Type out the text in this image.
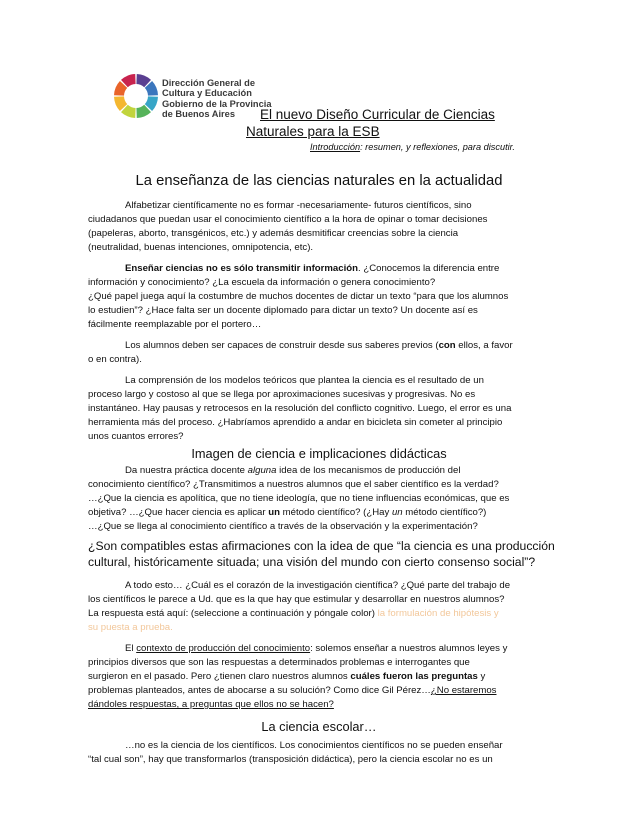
Dirección General de
Cultura y Educación
Gobierno de la Provincia
de Buenos Aires	El nuevo Diseño Curricular de Ciencias
Naturales para la ESB
Introducción: resumen, y reflexiones, para discutir.
La enseñanza de las ciencias naturales en la actualidad
Alfabetizar científicamente no es formar -necesariamente- futuros científicos, sino
ciudadanos que puedan usar el conocimiento científico a la hora de opinar o tomar decisiones
(papeleras, aborto, transgénicos, etc.) y además desmitificar creencias sobre la ciencia
(neutralidad, buenas intenciones, omnipotencia, etc).
Enseñar ciencias no es sólo transmitir información. ¿Conocemos la diferencia entre
información y conocimiento? ¿La escuela da información o genera conocimiento?
¿Qué papel juega aquí la costumbre de muchos docentes de dictar un texto “para que los alumnos
lo estudien”? ¿Hace falta ser un docente diplomado para dictar un texto? Un docente así es
fácilmente reemplazable por el portero…
Los alumnos deben ser capaces de construir desde sus saberes previos (con ellos, a favor
o en contra).
La comprensión de los modelos teóricos que plantea la ciencia es el resultado de un
proceso largo y costoso al que se llega por aproximaciones sucesivas y progresivas. No es
instantáneo. Hay pausas y retrocesos en la resolución del conflicto cognitivo. Luego, el error es una
herramienta más del proceso. ¿Habríamos aprendido a andar en bicicleta sin cometer al principio
unos cuantos errores?
Imagen de ciencia e implicaciones didácticas
Da nuestra práctica docente alguna idea de los mecanismos de producción del
conocimiento científico? ¿Transmitimos a nuestros alumnos que el saber científico es la verdad?
…¿Que la ciencia es apolítica, que no tiene ideología, que no tiene influencias económicas, que es
objetiva? …¿Que hacer ciencia es aplicar un método científico? (¿Hay un método científico?)
…¿Que se llega al conocimiento científico a través de la observación y la experimentación?
¿Son compatibles estas afirmaciones con la idea de que “la ciencia es una producción
cultural, históricamente situada; una visión del mundo con cierto consenso social”?
A todo esto… ¿Cuál es el corazón de la investigación científica? ¿Qué parte del trabajo de
los científicos le parece a Ud. que es la que hay que estimular y desarrollar en nuestros alumnos?
La respuesta está aquí: (seleccione a continuación y póngale color) la formulación de hipótesis y
su puesta a prueba.
El contexto de producción del conocimiento: solemos enseñar a nuestros alumnos leyes y
principios diversos que son las respuestas a determinados problemas e interrogantes que
surgieron en el pasado. Pero ¿tienen claro nuestros alumnos cuáles fueron las preguntas y
problemas planteados, antes de abocarse a su solución? Como dice Gil Pérez…¿No estaremos
dándoles respuestas, a preguntas que ellos no se hacen?
La ciencia escolar…
…no es la ciencia de los científicos. Los conocimientos científicos no se pueden enseñar
“tal cual son”, hay que transformarlos (transposición didáctica), pero la ciencia escolar no es un
